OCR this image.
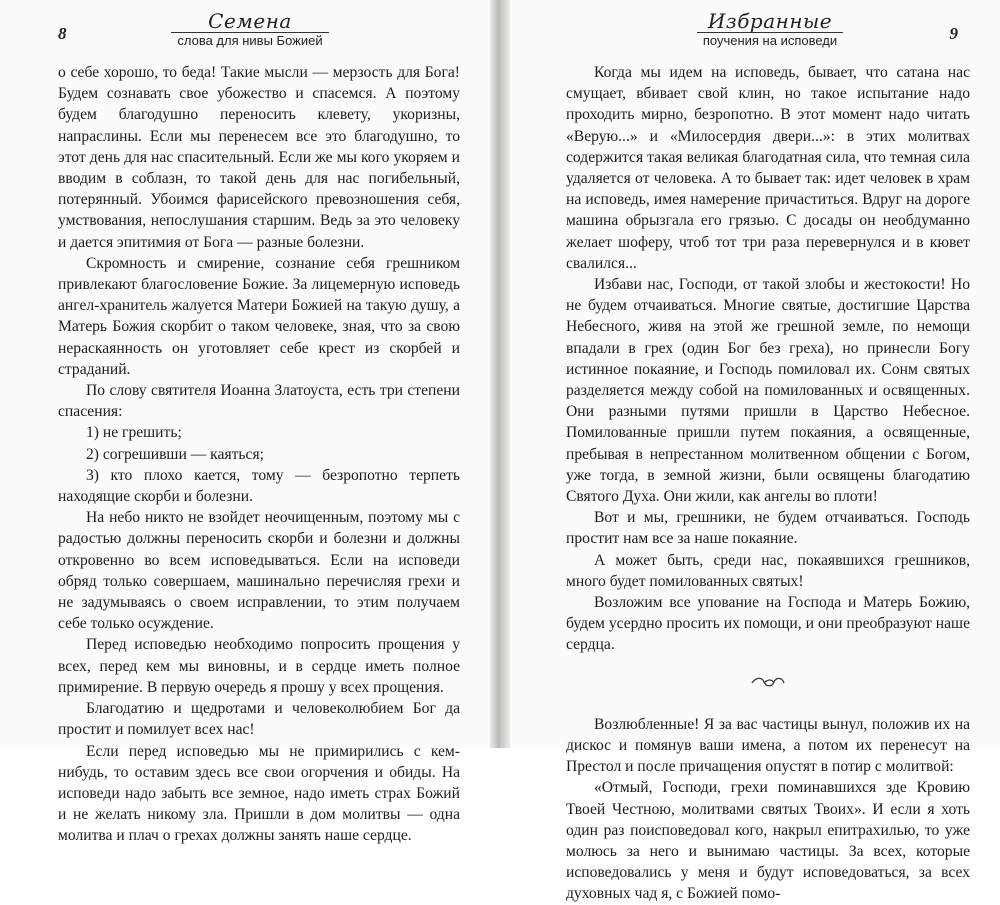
8
Семена
слова для нивы Божией

о себе хорошо, то беда! Такие мысли — мерзость для Бога! Будем сознавать свое убожество и спасемся. А поэтому будем благодушно переносить клевету, укоризны, напраслины. Если мы перенесем все это благодушно, то этот день для нас спасительный. Если же мы кого укоряем и вводим в соблазн, то такой день для нас погибельный, потерянный. Убоимся фарисейского превозношения себя, умствования, непослушания старшим. Ведь за это человеку и дается эпитимия от Бога — разные болезни.

Скромность и смирение, сознание себя грешником привлекают благословение Божие. За лицемерную исповедь ангел-хранитель жалуется Матери Божией на такую душу, а Матерь Божия скорбит о таком человеке, зная, что за свою нераскаянность он уготовляет себе крест из скорбей и страданий.

По слову святителя Иоанна Златоуста, есть три степени спасения:

1) не грешить;

2) согрешивши — каяться;

3) кто плохо кается, тому — безропотно терпеть находящие скорби и болезни.

На небо никто не взойдет неочищенным, поэтому мы с радостью должны переносить скорби и болезни и должны откровенно во всем исповедываться. Если на исповеди обряд только совершаем, машинально перечисляя грехи и не задумываясь о своем исправлении, то этим получаем себе только осуждение.

Перед исповедью необходимо попросить прощения у всех, перед кем мы виновны, и в сердце иметь полное примирение. В первую очередь я прошу у всех прощения.

Благодатию и щедротами и человеколюбием Бог да простит и помилует всех нас!

Если перед исповедью мы не примирились с кем-нибудь, то оставим здесь все свои огорчения и обиды. На исповеди надо забыть все земное, надо иметь страх Божий и не желать никому зла. Пришли в дом молитвы — одна молитва и плач о грехах должны занять наше сердце.

Избранные
поучения на исповеди	9

Когда мы идем на исповедь, бывает, что сатана нас смущает, вбивает свой клин, но такое испытание надо проходить мирно, безропотно. В этот момент надо читать «Верую...» и «Милосердия двери...»: в этих молитвах содержится такая великая благодатная сила, что темная сила удаляется от человека. А то бывает так: идет человек в храм на исповедь, имея намерение причаститься. Вдруг на дороге машина обрызгала его грязью. С досады он необдуманно желает шоферу, чтоб тот три раза перевернулся и в кювет свалился...

Избави нас, Господи, от такой злобы и жестокости! Но не будем отчаиваться. Многие святые, достигшие Царства Небесного, живя на этой же грешной земле, по немощи впадали в грех (один Бог без греха), но принесли Богу истинное покаяние, и Господь помиловал их. Сонм святых разделяется между собой на помилованных и освященных. Они разными путями пришли в Царство Небесное. Помилованные пришли путем покаяния, а освященные, пребывая в непрестанном молитвенном общении с Богом, уже тогда, в земной жизни, были освящены благодатию Святого Духа. Они жили, как ангелы во плоти!

Вот и мы, грешники, не будем отчаиваться. Господь простит нам все за наше покаяние.

А может быть, среди нас, покаявшихся грешников, много будет помилованных святых!

Возложим все упование на Господа и Матерь Божию, будем усердно просить их помощи, и они преобразуют наше сердца.

Возлюбленные! Я за вас частицы вынул, положив их на дискос и помянув ваши имена, а потом их перенесут на Престол и после причащения опустят в потир с молитвой:

«Отмый, Господи, грехи поминавшихся зде Кровию Твоей Честною, молитвами святых Твоих». И если я хоть один раз поисповедовал кого, накрыл епитрахилью, то уже молюсь за него и вынимаю частицы. За всех, которые исповедовались у меня и будут исповедоваться, за всех духовных чад я, с Божией помо-
